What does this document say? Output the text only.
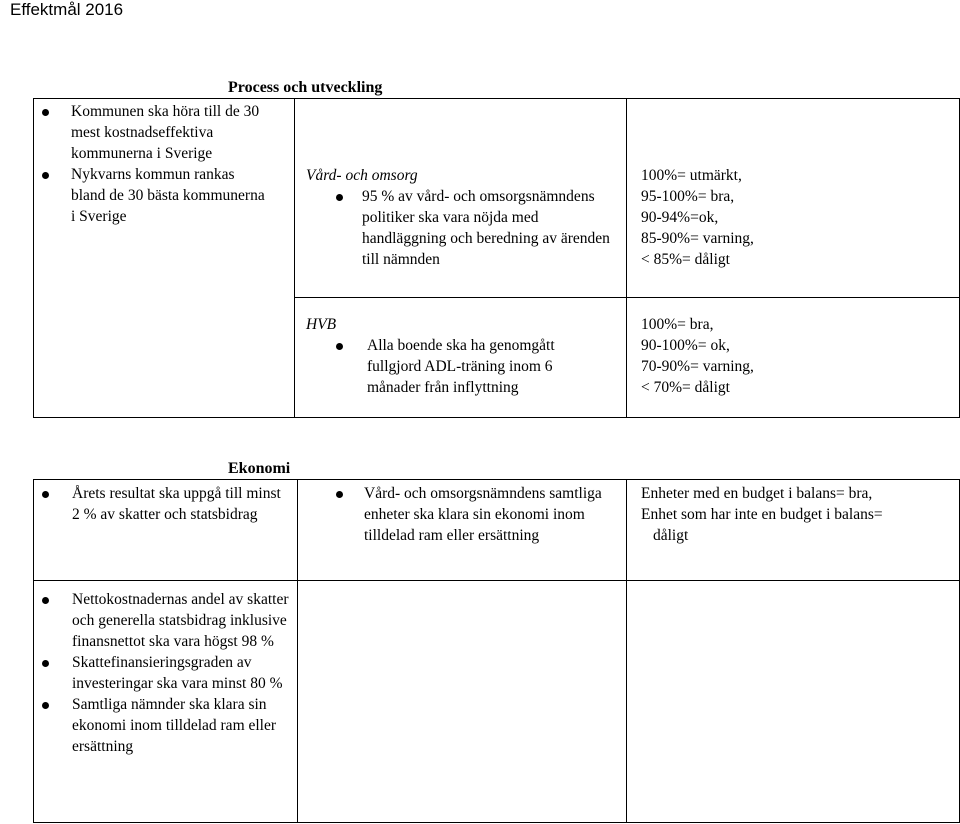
Effektmål 2016
Process och utveckling
Kommunen ska höra till de 30 mest kostnadseffektiva kommunerna i Sverige
Nykvarns kommun rankas bland de 30 bästa kommunerna i Sverige
Vård- och omsorg
95 % av vård- och omsorgsnämndens politiker ska vara nöjda med handläggning och beredning av ärenden till nämnden
100%= utmärkt,
95-100%= bra,
90-94%=ok,
85-90%= varning,
< 85%= dåligt
HVB
Alla boende ska ha genomgått fullgjord ADL-träning inom 6 månader från inflyttning
100%= bra,
90-100%= ok,
70-90%= varning,
< 70%= dåligt
Ekonomi
Årets resultat ska uppgå till minst 2 % av skatter och statsbidrag
Vård- och omsorgsnämndens samtliga enheter ska klara sin ekonomi inom tilldelad ram eller ersättning
Enheter med en budget i balans= bra,
Enhet som har inte en budget i balans=
dåligt
Nettokostnadernas andel av skatter och generella statsbidrag inklusive finansnettot ska vara högst 98 %
Skattefinansieringsgraden av investeringar ska vara minst 80 %
Samtliga nämnder ska klara sin ekonomi inom tilldelad ram eller ersättning
